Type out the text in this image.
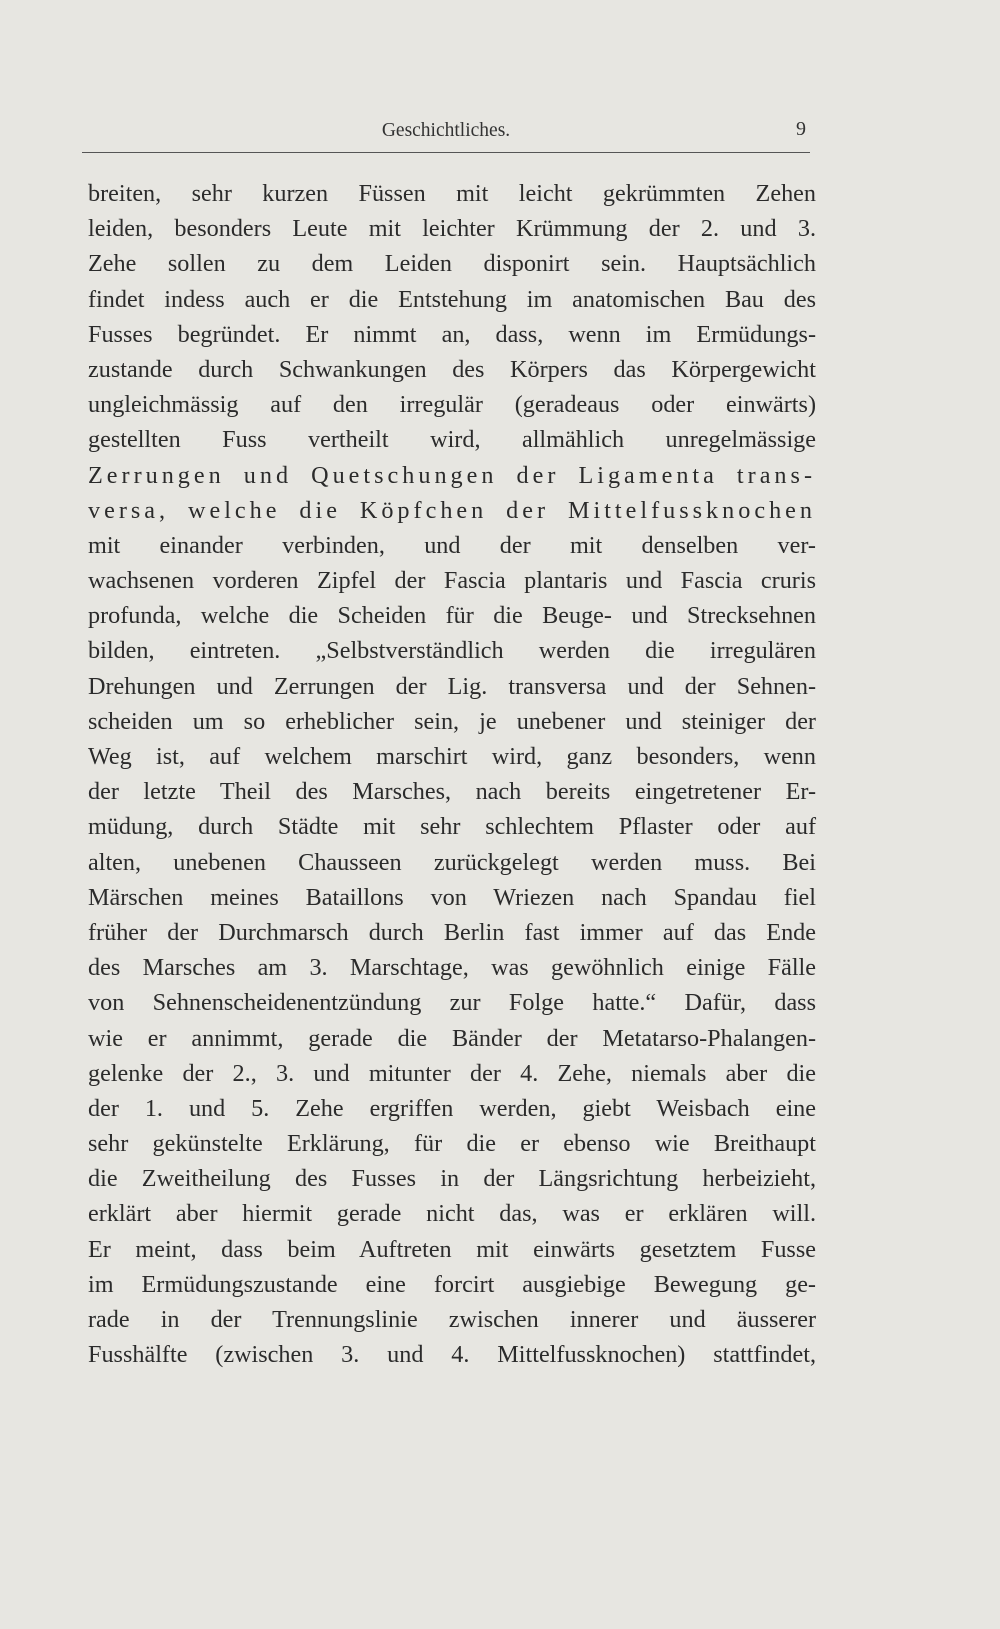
Geschichtliches.	9
breiten, sehr kurzen Füssen mit leicht gekrümmten Zehen
leiden, besonders Leute mit leichter Krümmung der 2. und 3.
Zehe sollen zu dem Leiden disponirt sein. Hauptsächlich
findet indess auch er die Entstehung im anatomischen Bau des
Fusses begründet. Er nimmt an, dass, wenn im Ermüdungs-
zustande durch Schwankungen des Körpers das Körpergewicht
ungleichmässig auf den irregulär (geradeaus oder einwärts)
gestellten Fuss vertheilt wird, allmählich unregelmässige
Zerrungen und Quetschungen der Ligamenta trans-
versa, welche die Köpfchen der Mittelfussknochen
mit einander verbinden, und der mit denselben ver-
wachsenen vorderen Zipfel der Fascia plantaris und Fascia cruris
profunda, welche die Scheiden für die Beuge- und Strecksehnen
bilden, eintreten. „Selbstverständlich werden die irregulären
Drehungen und Zerrungen der Lig. transversa und der Sehnen-
scheiden um so erheblicher sein, je unebener und steiniger der
Weg ist, auf welchem marschirt wird, ganz besonders, wenn
der letzte Theil des Marsches, nach bereits eingetretener Er-
müdung, durch Städte mit sehr schlechtem Pflaster oder auf
alten, unebenen Chausseen zurückgelegt werden muss. Bei
Märschen meines Bataillons von Wriezen nach Spandau fiel
früher der Durchmarsch durch Berlin fast immer auf das Ende
des Marsches am 3. Marschtage, was gewöhnlich einige Fälle
von Sehnenscheidenentzündung zur Folge hatte.“ Dafür, dass
wie er annimmt, gerade die Bänder der Metatarso-Phalangen-
gelenke der 2., 3. und mitunter der 4. Zehe, niemals aber die
der 1. und 5. Zehe ergriffen werden, giebt Weisbach eine
sehr gekünstelte Erklärung, für die er ebenso wie Breithaupt
die Zweitheilung des Fusses in der Längsrichtung herbeizieht,
erklärt aber hiermit gerade nicht das, was er erklären will.
Er meint, dass beim Auftreten mit einwärts gesetztem Fusse
im Ermüdungszustande eine forcirt ausgiebige Bewegung ge-
rade in der Trennungslinie zwischen innerer und äusserer
Fusshälfte (zwischen 3. und 4. Mittelfussknochen) stattfindet,
